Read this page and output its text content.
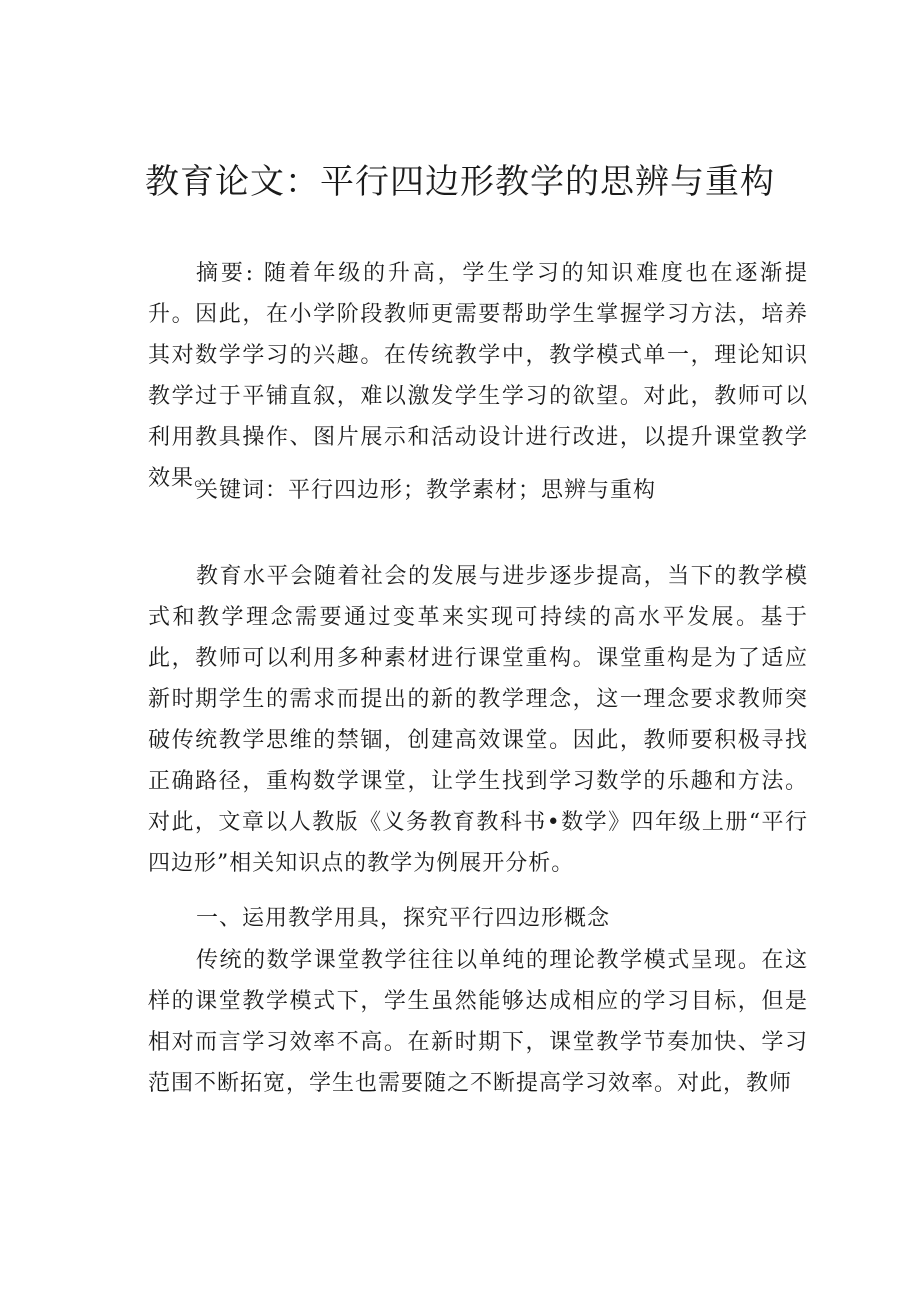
教育论文：平行四边形教学的思辨与重构

摘要: 随着年级的升高，学生学习的知识难度也在逐渐提升。因此，在小学阶段教师更需要帮助学生掌握学习方法，培养其对数学学习的兴趣。在传统教学中，教学模式单一，理论知识教学过于平铺直叙，难以激发学生学习的欲望。对此，教师可以利用教具操作、图片展示和活动设计进行改进，以提升课堂教学效果。

关键词：平行四边形；教学素材；思辨与重构

教育水平会随着社会的发展与进步逐步提高，当下的教学模式和教学理念需要通过变革来实现可持续的高水平发展。基于此，教师可以利用多种素材进行课堂重构。课堂重构是为了适应新时期学生的需求而提出的新的教学理念，这一理念要求教师突破传统教学思维的禁锢，创建高效课堂。因此，教师要积极寻找正确路径，重构数学课堂，让学生找到学习数学的乐趣和方法。对此，文章以人教版《义务教育教科书•数学》四年级上册“平行四边形”相关知识点的教学为例展开分析。

一、运用教学用具，探究平行四边形概念

传统的数学课堂教学往往以单纯的理论教学模式呈现。在这样的课堂教学模式下，学生虽然能够达成相应的学习目标，但是相对而言学习效率不高。在新时期下，课堂教学节奏加快、学习范围不断拓宽，学生也需要随之不断提高学习效率。对此，教师
